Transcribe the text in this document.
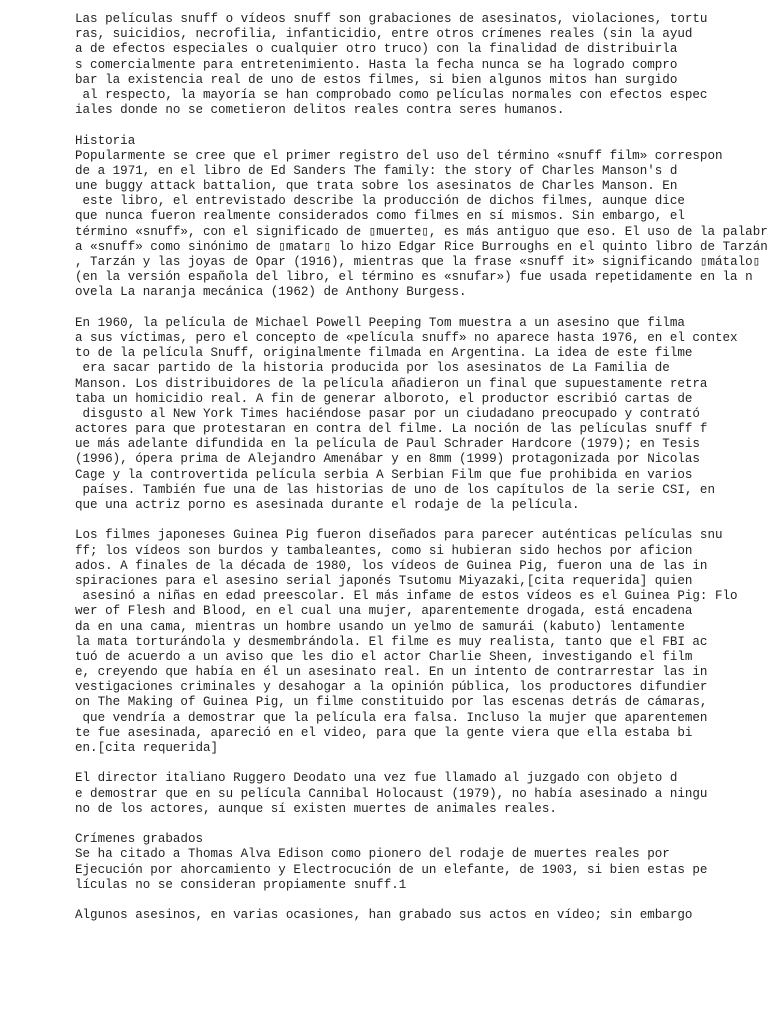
Las películas snuff o vídeos snuff son grabaciones de asesinatos, violaciones, tortu
ras, suicidios, necrofilia, infanticidio, entre otros crímenes reales (sin la ayud
a de efectos especiales o cualquier otro truco) con la finalidad de distribuirla
s comercialmente para entretenimiento. Hasta la fecha nunca se ha logrado compro
bar la existencia real de uno de estos filmes, si bien algunos mitos han surgido
al respecto, la mayoría se han comprobado como películas normales con efectos espec
iales donde no se cometieron delitos reales contra seres humanos.
Historia
Popularmente se cree que el primer registro del uso del término «snuff film» correspon
de a 1971, en el libro de Ed Sanders The family: the story of Charles Manson's d
une buggy attack battalion, que trata sobre los asesinatos de Charles Manson. En
este libro, el entrevistado describe la producción de dichos filmes, aunque dice
que nunca fueron realmente considerados como filmes en sí mismos. Sin embargo, el
término «snuff», con el significado de ▯muerte▯, es más antiguo que eso. El uso de la palabr
a «snuff» como sinónimo de ▯matar▯ lo hizo Edgar Rice Burroughs en el quinto libro de Tarzán
, Tarzán y las joyas de Opar (1916), mientras que la frase «snuff it» significando ▯mátalo▯
(en la versión española del libro, el término es «snufar») fue usada repetidamente en la n
ovela La naranja mecánica (1962) de Anthony Burgess.
En 1960, la película de Michael Powell Peeping Tom muestra a un asesino que filma
a sus víctimas, pero el concepto de «película snuff» no aparece hasta 1976, en el contex
to de la película Snuff, originalmente filmada en Argentina. La idea de este filme
era sacar partido de la historia producida por los asesinatos de La Familia de
Manson. Los distribuidores de la película añadieron un final que supuestamente retra
taba un homicidio real. A fin de generar alboroto, el productor escribió cartas de
disgusto al New York Times haciéndose pasar por un ciudadano preocupado y contrató
actores para que protestaran en contra del filme. La noción de las películas snuff f
ue más adelante difundida en la película de Paul Schrader Hardcore (1979); en Tesis
(1996), ópera prima de Alejandro Amenábar y en 8mm (1999) protagonizada por Nicolas
Cage y la controvertida película serbia A Serbian Film que fue prohibida en varios
países. También fue una de las historias de uno de los capítulos de la serie CSI, en
que una actriz porno es asesinada durante el rodaje de la película.
Los filmes japoneses Guinea Pig fueron diseñados para parecer auténticas películas snu
ff; los vídeos son burdos y tambaleantes, como si hubieran sido hechos por aficion
ados. A finales de la década de 1980, los vídeos de Guinea Pig, fueron una de las in
spiraciones para el asesino serial japonés Tsutomu Miyazaki,[cita requerida] quien
asesinó a niñas en edad preescolar. El más infame de estos vídeos es el Guinea Pig: Flo
wer of Flesh and Blood, en el cual una mujer, aparentemente drogada, está encadena
da en una cama, mientras un hombre usando un yelmo de samurái (kabuto) lentamente
la mata torturándola y desmembrándola. El filme es muy realista, tanto que el FBI ac
tuó de acuerdo a un aviso que les dio el actor Charlie Sheen, investigando el film
e, creyendo que había en él un asesinato real. En un intento de contrarrestar las in
vestigaciones criminales y desahogar a la opinión pública, los productores difundier
on The Making of Guinea Pig, un filme constituido por las escenas detrás de cámaras,
que vendría a demostrar que la película era falsa. Incluso la mujer que aparentemen
te fue asesinada, apareció en el video, para que la gente viera que ella estaba bi
en.[cita requerida]
El director italiano Ruggero Deodato una vez fue llamado al juzgado con objeto d
e demostrar que en su película Cannibal Holocaust (1979), no había asesinado a ningu
no de los actores, aunque sí existen muertes de animales reales.
Crímenes grabados
Se ha citado a Thomas Alva Edison como pionero del rodaje de muertes reales por
Ejecución por ahorcamiento y Electrocución de un elefante, de 1903, si bien estas pe
lículas no se consideran propiamente snuff.1
Algunos asesinos, en varias ocasiones, han grabado sus actos en vídeo; sin embargo
